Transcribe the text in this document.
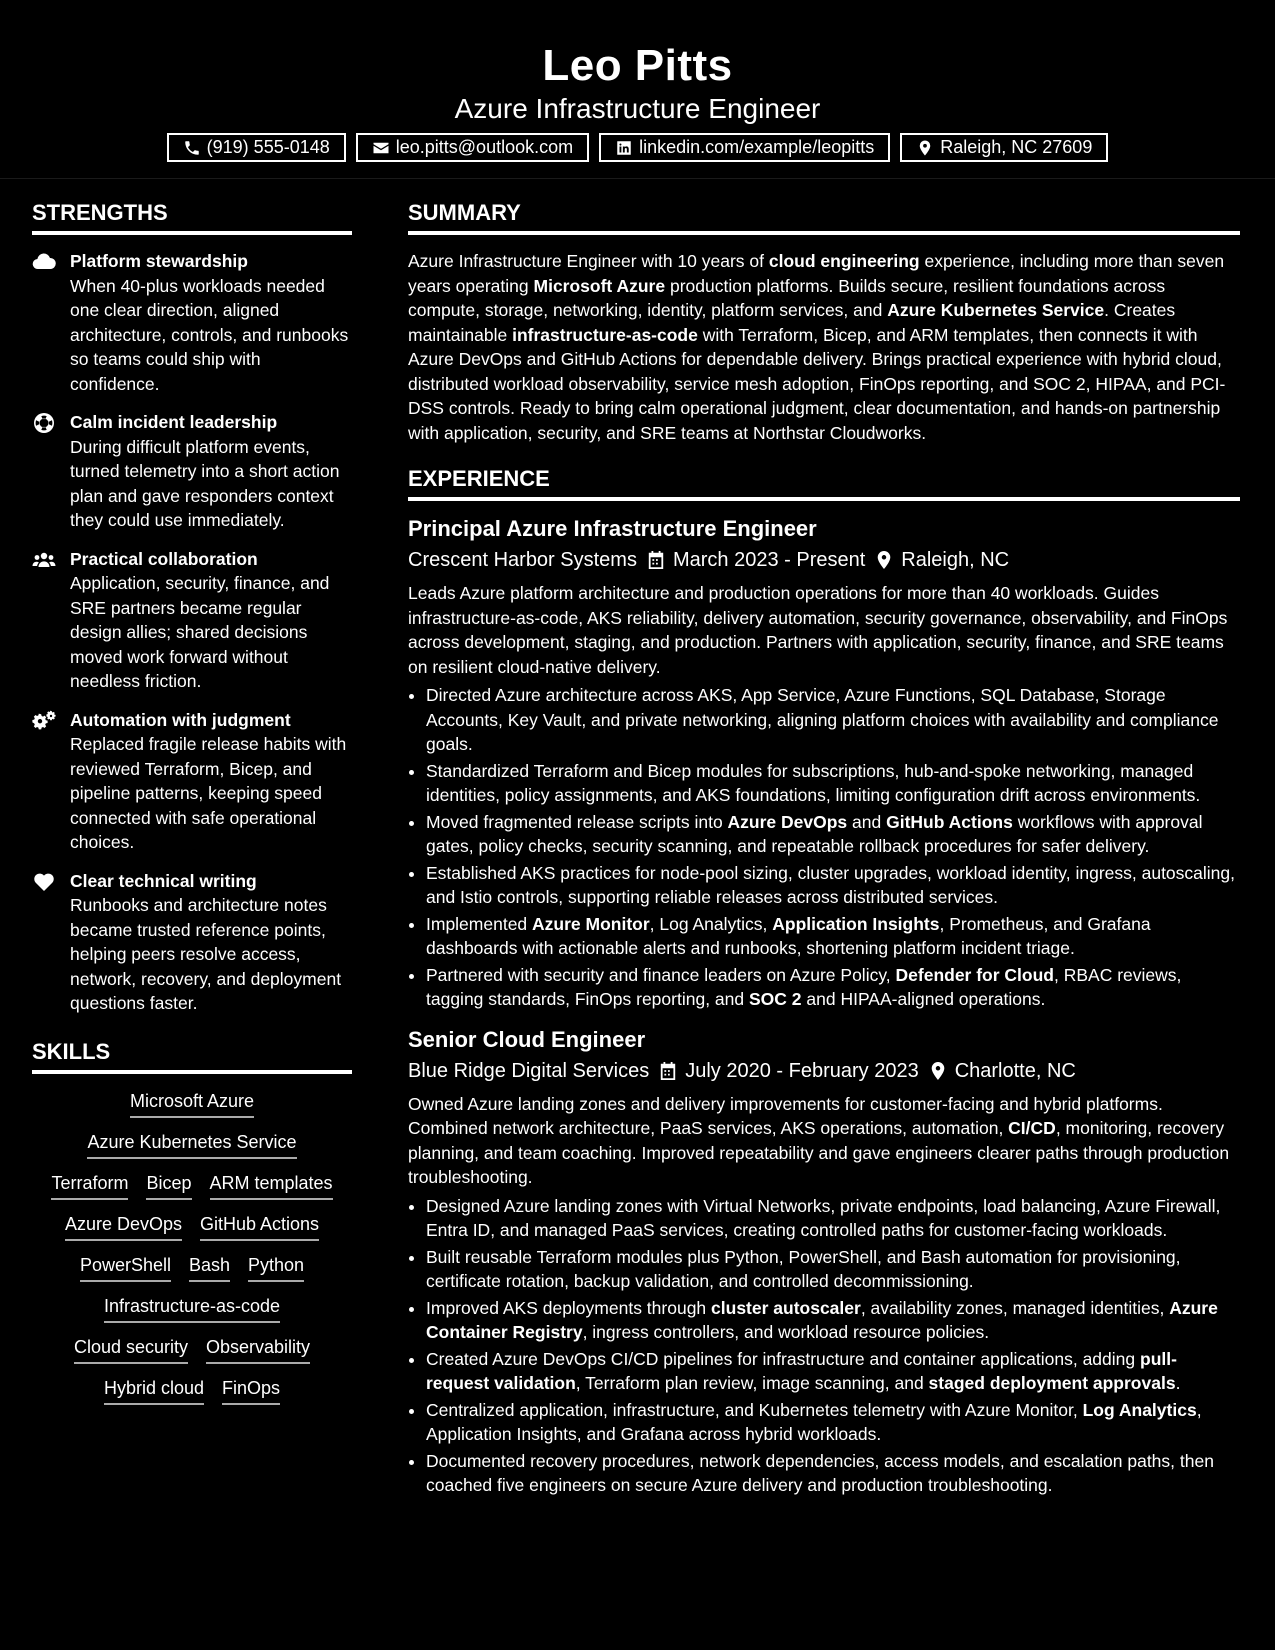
Leo Pitts
Azure Infrastructure Engineer
(919) 555-0148	leo.pitts@outlook.com	linkedin.com/example/leopitts	Raleigh, NC 27609
STRENGTHS
Platform stewardship
When 40-plus workloads needed one clear direction, aligned architecture, controls, and runbooks so teams could ship with confidence.
Calm incident leadership
During difficult platform events, turned telemetry into a short action plan and gave responders context they could use immediately.
Practical collaboration
Application, security, finance, and SRE partners became regular design allies; shared decisions moved work forward without needless friction.
Automation with judgment
Replaced fragile release habits with reviewed Terraform, Bicep, and pipeline patterns, keeping speed connected with safe operational choices.
Clear technical writing
Runbooks and architecture notes became trusted reference points, helping peers resolve access, network, recovery, and deployment questions faster.
SKILLS
Microsoft Azure
Azure Kubernetes Service
Terraform Bicep ARM templates
Azure DevOps GitHub Actions
PowerShell Bash Python
Infrastructure-as-code
Cloud security Observability
Hybrid cloud FinOps
SUMMARY

Azure Infrastructure Engineer with 10 years of cloud engineering experience, including more than seven years operating Microsoft Azure production platforms. Builds secure, resilient foundations across compute, storage, networking, identity, platform services, and Azure Kubernetes Service. Creates maintainable infrastructure-as-code with Terraform, Bicep, and ARM templates, then connects it with Azure DevOps and GitHub Actions for dependable delivery. Brings practical experience with hybrid cloud, distributed workload observability, service mesh adoption, FinOps reporting, and SOC 2, HIPAA, and PCI-DSS controls. Ready to bring calm operational judgment, clear documentation, and hands-on partnership with application, security, and SRE teams at Northstar Cloudworks.

EXPERIENCE
Principal Azure Infrastructure Engineer
Crescent Harbor Systems March 2023 - Present Raleigh, NC

Leads Azure platform architecture and production operations for more than 40 workloads. Guides infrastructure-as-code, AKS reliability, delivery automation, security governance, observability, and FinOps across development, staging, and production. Partners with application, security, finance, and SRE teams on resilient cloud-native delivery.

• Directed Azure architecture across AKS, App Service, Azure Functions, SQL Database, Storage Accounts, Key Vault, and private networking, aligning platform choices with availability and compliance goals.
• Standardized Terraform and Bicep modules for subscriptions, hub-and-spoke networking, managed identities, policy assignments, and AKS foundations, limiting configuration drift across environments.
• Moved fragmented release scripts into Azure DevOps and GitHub Actions workflows with approval gates, policy checks, security scanning, and repeatable rollback procedures for safer delivery.
• Established AKS practices for node-pool sizing, cluster upgrades, workload identity, ingress, autoscaling, and Istio controls, supporting reliable releases across distributed services.
• Implemented Azure Monitor, Log Analytics, Application Insights, Prometheus, and Grafana dashboards with actionable alerts and runbooks, shortening platform incident triage.
• Partnered with security and finance leaders on Azure Policy, Defender for Cloud, RBAC reviews, tagging standards, FinOps reporting, and SOC 2 and HIPAA-aligned operations.
Senior Cloud Engineer
Blue Ridge Digital Services July 2020 - February 2023 Charlotte, NC

Owned Azure landing zones and delivery improvements for customer-facing and hybrid platforms. Combined network architecture, PaaS services, AKS operations, automation, CI/CD, monitoring, recovery planning, and team coaching. Improved repeatability and gave engineers clearer paths through production troubleshooting.

• Designed Azure landing zones with Virtual Networks, private endpoints, load balancing, Azure Firewall, Entra ID, and managed PaaS services, creating controlled paths for customer-facing workloads.
• Built reusable Terraform modules plus Python, PowerShell, and Bash automation for provisioning, certificate rotation, backup validation, and controlled decommissioning.
• Improved AKS deployments through cluster autoscaler, availability zones, managed identities, Azure Container Registry, ingress controllers, and workload resource policies.
• Created Azure DevOps CI/CD pipelines for infrastructure and container applications, adding pull-request validation, Terraform plan review, image scanning, and staged deployment approvals.
• Centralized application, infrastructure, and Kubernetes telemetry with Azure Monitor, Log Analytics, Application Insights, and Grafana across hybrid workloads.
• Documented recovery procedures, network dependencies, access models, and escalation paths, then coached five engineers on secure Azure delivery and production troubleshooting.
